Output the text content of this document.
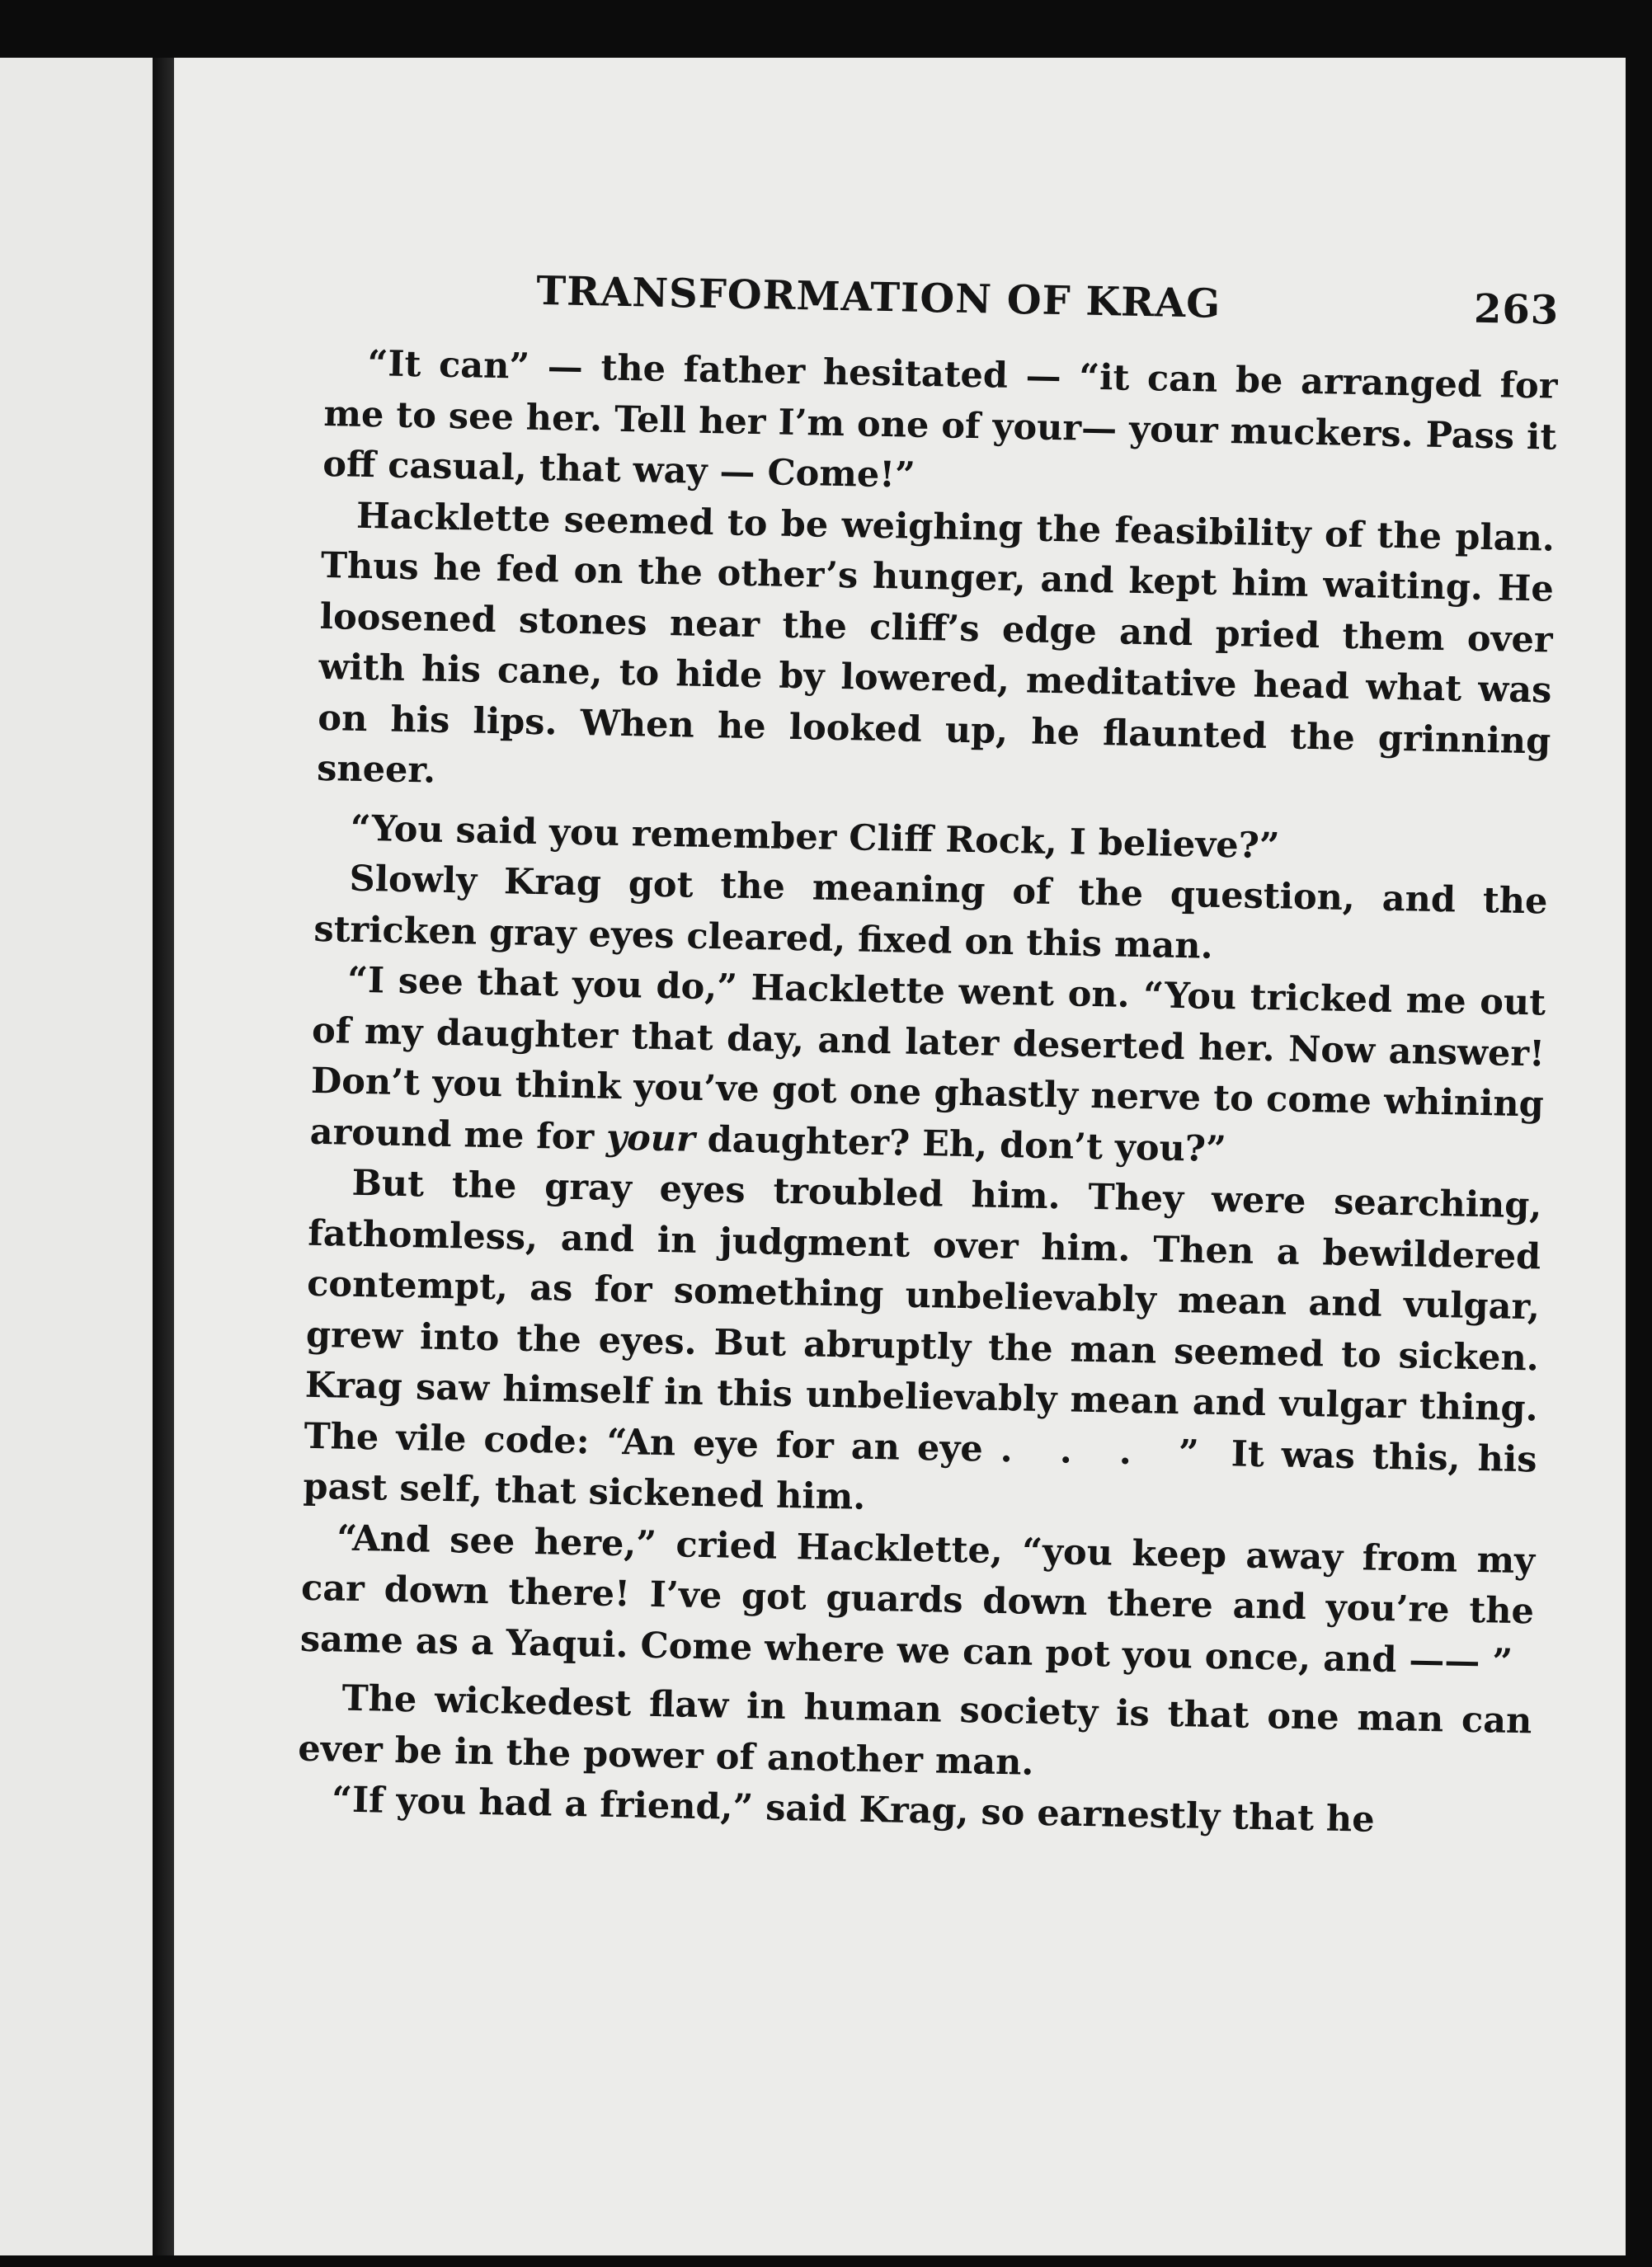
TRANSFORMATION OF KRAG	263

“It can” — the father hesitated — “it can be arranged for me to see her. Tell her I’m one of your— your muckers. Pass it off casual, that way — Come!”

Hacklette seemed to be weighing the feasibility of the plan. Thus he fed on the other’s hunger, and kept him waiting. He loosened stones near the cliff’s edge and pried them over with his cane, to hide by lowered, meditative head what was on his lips. When he looked up, he flaunted the grinning sneer.

“You said you remember Cliff Rock, I believe?”

Slowly Krag got the meaning of the question, and the stricken gray eyes cleared, fixed on this man.

“I see that you do,” Hacklette went on. “You tricked me out of my daughter that day, and later deserted her. Now answer! Don’t you think you’ve got one ghastly nerve to come whining around me for your daughter? Eh, don’t you?”

But the gray eyes troubled him. They were searching, fathomless, and in judgment over him. Then a bewildered contempt, as for something unbelievably mean and vulgar, grew into the eyes. But abruptly the man seemed to sicken. Krag saw himself in this unbelievably mean and vulgar thing. The vile code: “An eye for an eye . . . ” It was this, his past self, that sickened him.

“And see here,” cried Hacklette, “you keep away from my car down there! I’ve got guards down there and you’re the same as a Yaqui. Come where we can pot you once, and —— ”

The wickedest flaw in human society is that one man can ever be in the power of another man.

“If you had a friend,” said Krag, so earnestly that he
